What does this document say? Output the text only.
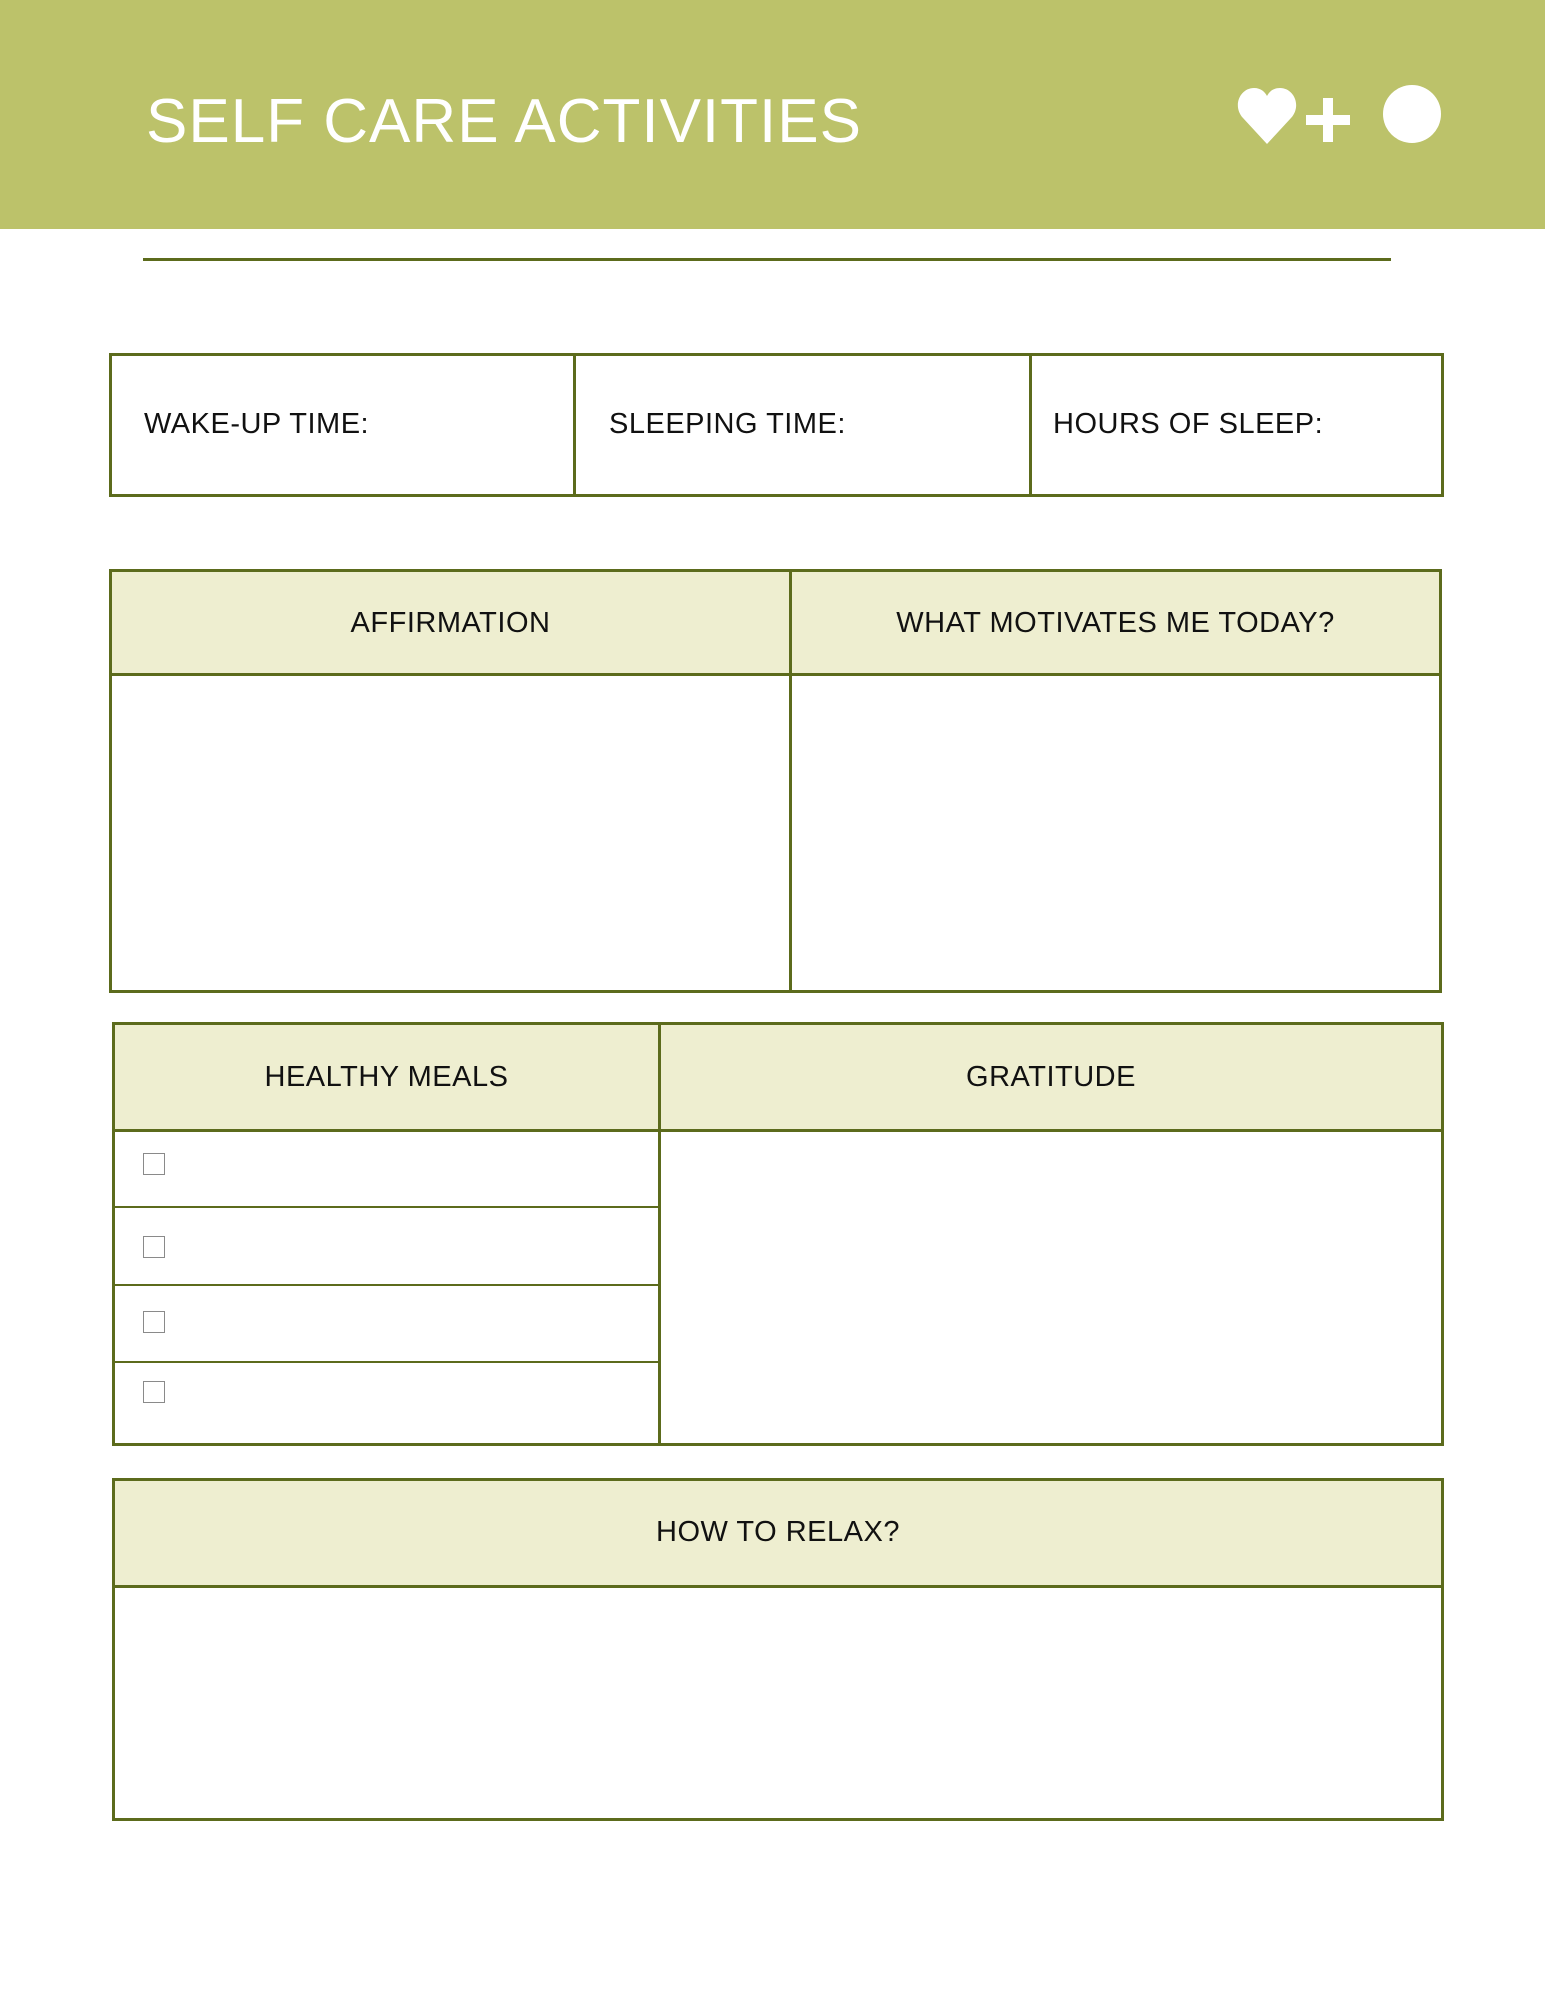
SELF CARE ACTIVITIES
WAKE-UP TIME:	SLEEPING TIME:	HOURS OF SLEEP:
AFFIRMATION	WHAT MOTIVATES ME TODAY?
HEALTHY MEALS	GRATITUDE
HOW TO RELAX?
